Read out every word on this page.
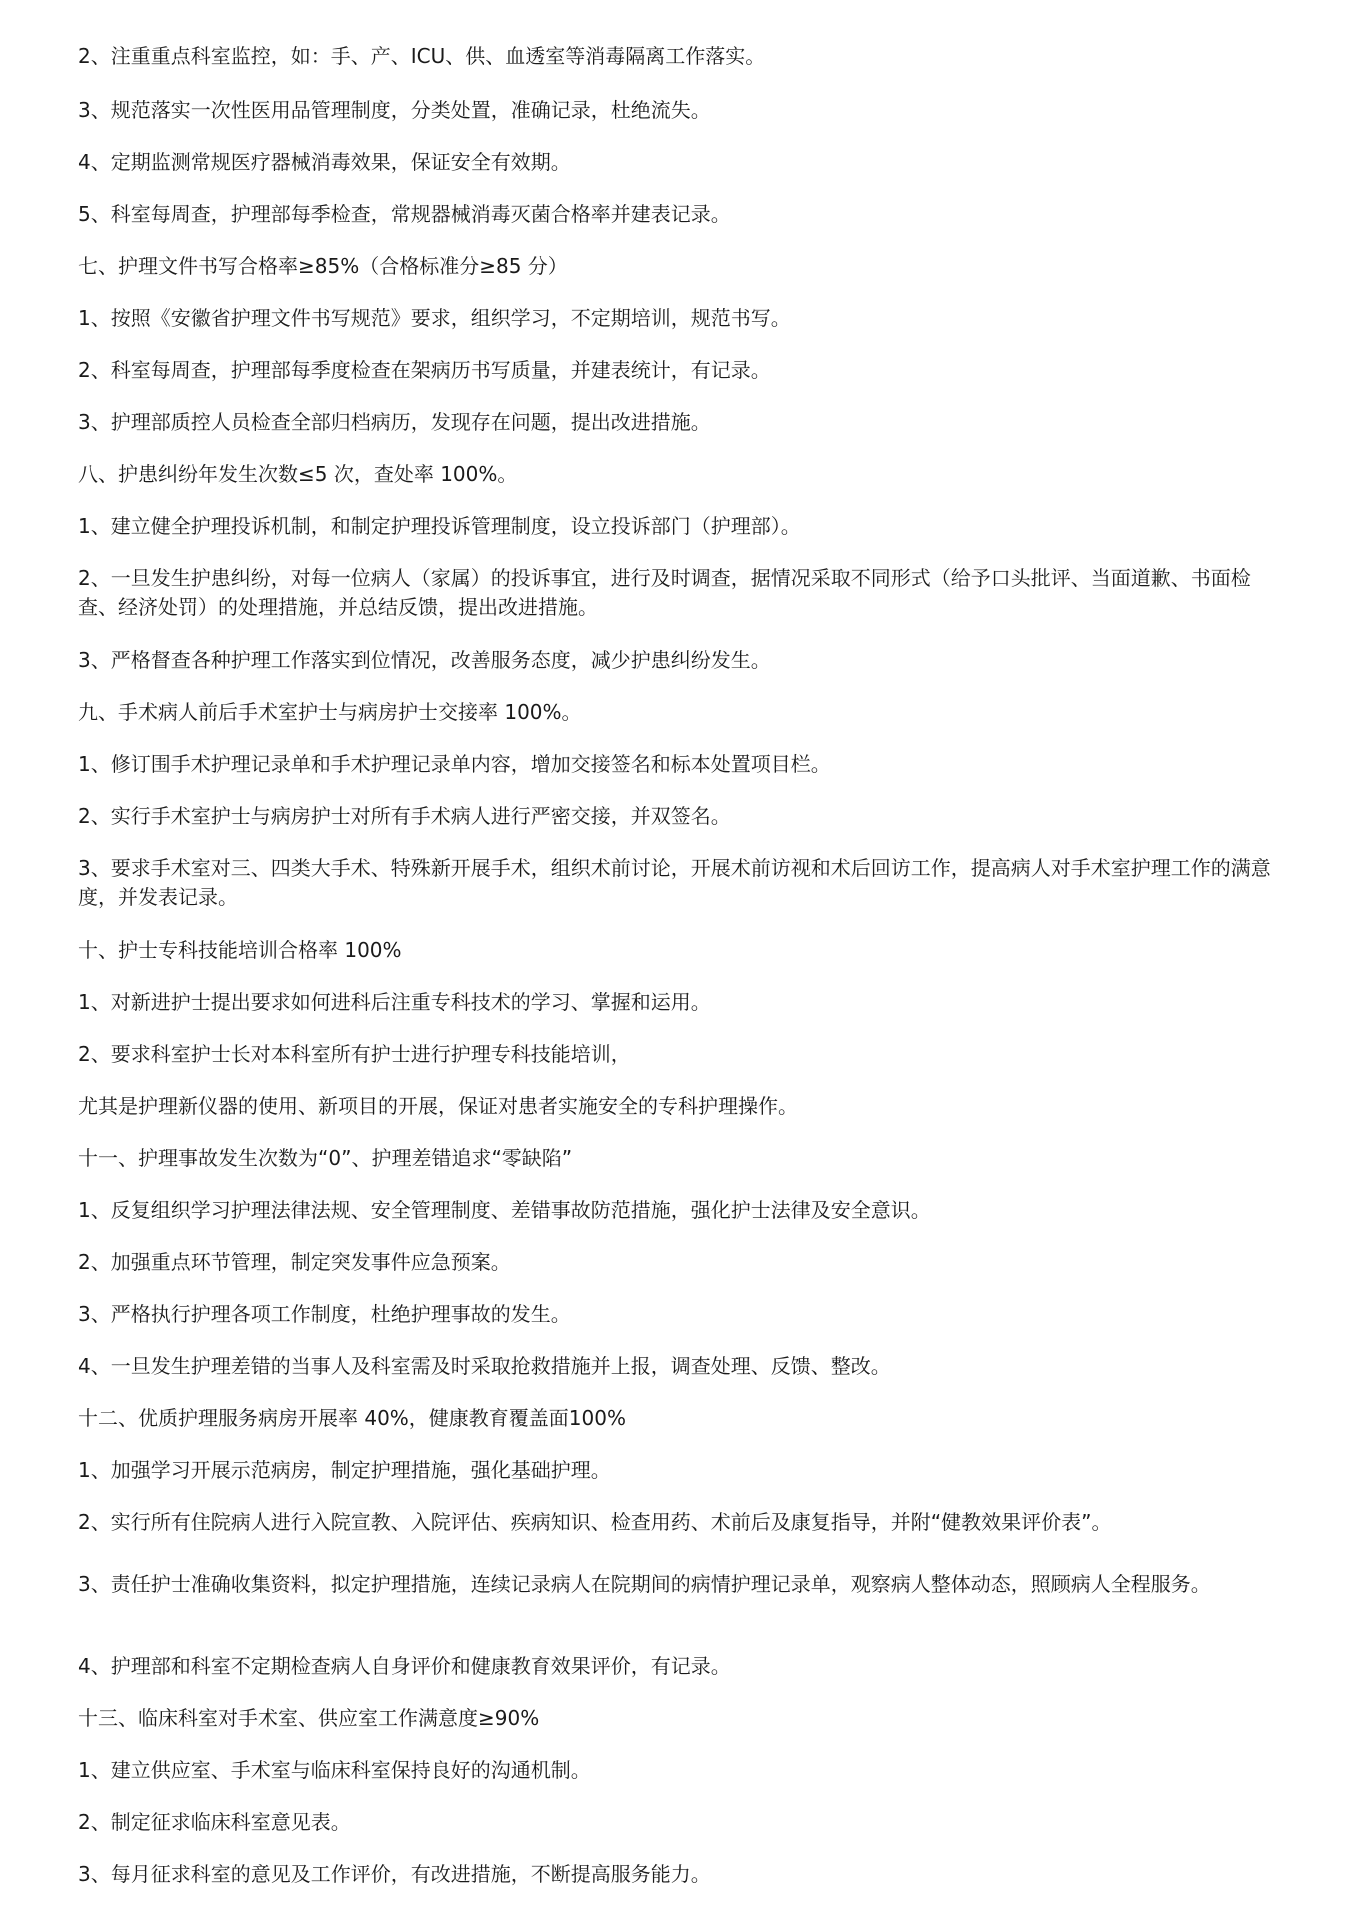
2、注重重点科室监控，如：手、产、ICU、供、血透室等消毒隔离工作落实。

3、规范落实一次性医用品管理制度，分类处置，准确记录，杜绝流失。

4、定期监测常规医疗器械消毒效果，保证安全有效期。

5、科室每周查，护理部每季检查，常规器械消毒灭菌合格率并建表记录。

七、护理文件书写合格率≥85%（合格标准分≥85 分）

1、按照《安徽省护理文件书写规范》要求，组织学习，不定期培训，规范书写。

2、科室每周查，护理部每季度检查在架病历书写质量，并建表统计，有记录。

3、护理部质控人员检查全部归档病历，发现存在问题，提出改进措施。

八、护患纠纷年发生次数≤5 次，查处率 100%。

1、建立健全护理投诉机制，和制定护理投诉管理制度，设立投诉部门（护理部）。

2、一旦发生护患纠纷，对每一位病人（家属）的投诉事宜，进行及时调查，据情况采取不同形式（给予口头批评、当面道歉、书面检查、经济处罚）的处理措施，并总结反馈，提出改进措施。

3、严格督查各种护理工作落实到位情况，改善服务态度，减少护患纠纷发生。

九、手术病人前后手术室护士与病房护士交接率 100%。

1、修订围手术护理记录单和手术护理记录单内容，增加交接签名和标本处置项目栏。

2、实行手术室护士与病房护士对所有手术病人进行严密交接，并双签名。

3、要求手术室对三、四类大手术、特殊新开展手术，组织术前讨论，开展术前访视和术后回访工作，提高病人对手术室护理工作的满意度，并发表记录。

十、护士专科技能培训合格率 100%

1、对新进护士提出要求如何进科后注重专科技术的学习、掌握和运用。

2、要求科室护士长对本科室所有护士进行护理专科技能培训，

尤其是护理新仪器的使用、新项目的开展，保证对患者实施安全的专科护理操作。

十一、护理事故发生次数为“0”、护理差错追求“零缺陷”

1、反复组织学习护理法律法规、安全管理制度、差错事故防范措施，强化护士法律及安全意识。

2、加强重点环节管理，制定突发事件应急预案。

3、严格执行护理各项工作制度，杜绝护理事故的发生。

4、一旦发生护理差错的当事人及科室需及时采取抢救措施并上报，调查处理、反馈、整改。

十二、优质护理服务病房开展率 40%，健康教育覆盖面100%

1、加强学习开展示范病房，制定护理措施，强化基础护理。

2、实行所有住院病人进行入院宣教、入院评估、疾病知识、检查用药、术前后及康复指导，并附“健教效果评价表”。

3、责任护士准确收集资料，拟定护理措施，连续记录病人在院期间的病情护理记录单，观察病人整体动态，照顾病人全程服务。

4、护理部和科室不定期检查病人自身评价和健康教育效果评价，有记录。

十三、临床科室对手术室、供应室工作满意度≥90%

1、建立供应室、手术室与临床科室保持良好的沟通机制。

2、制定征求临床科室意见表。

3、每月征求科室的意见及工作评价，有改进措施，不断提高服务能力。
